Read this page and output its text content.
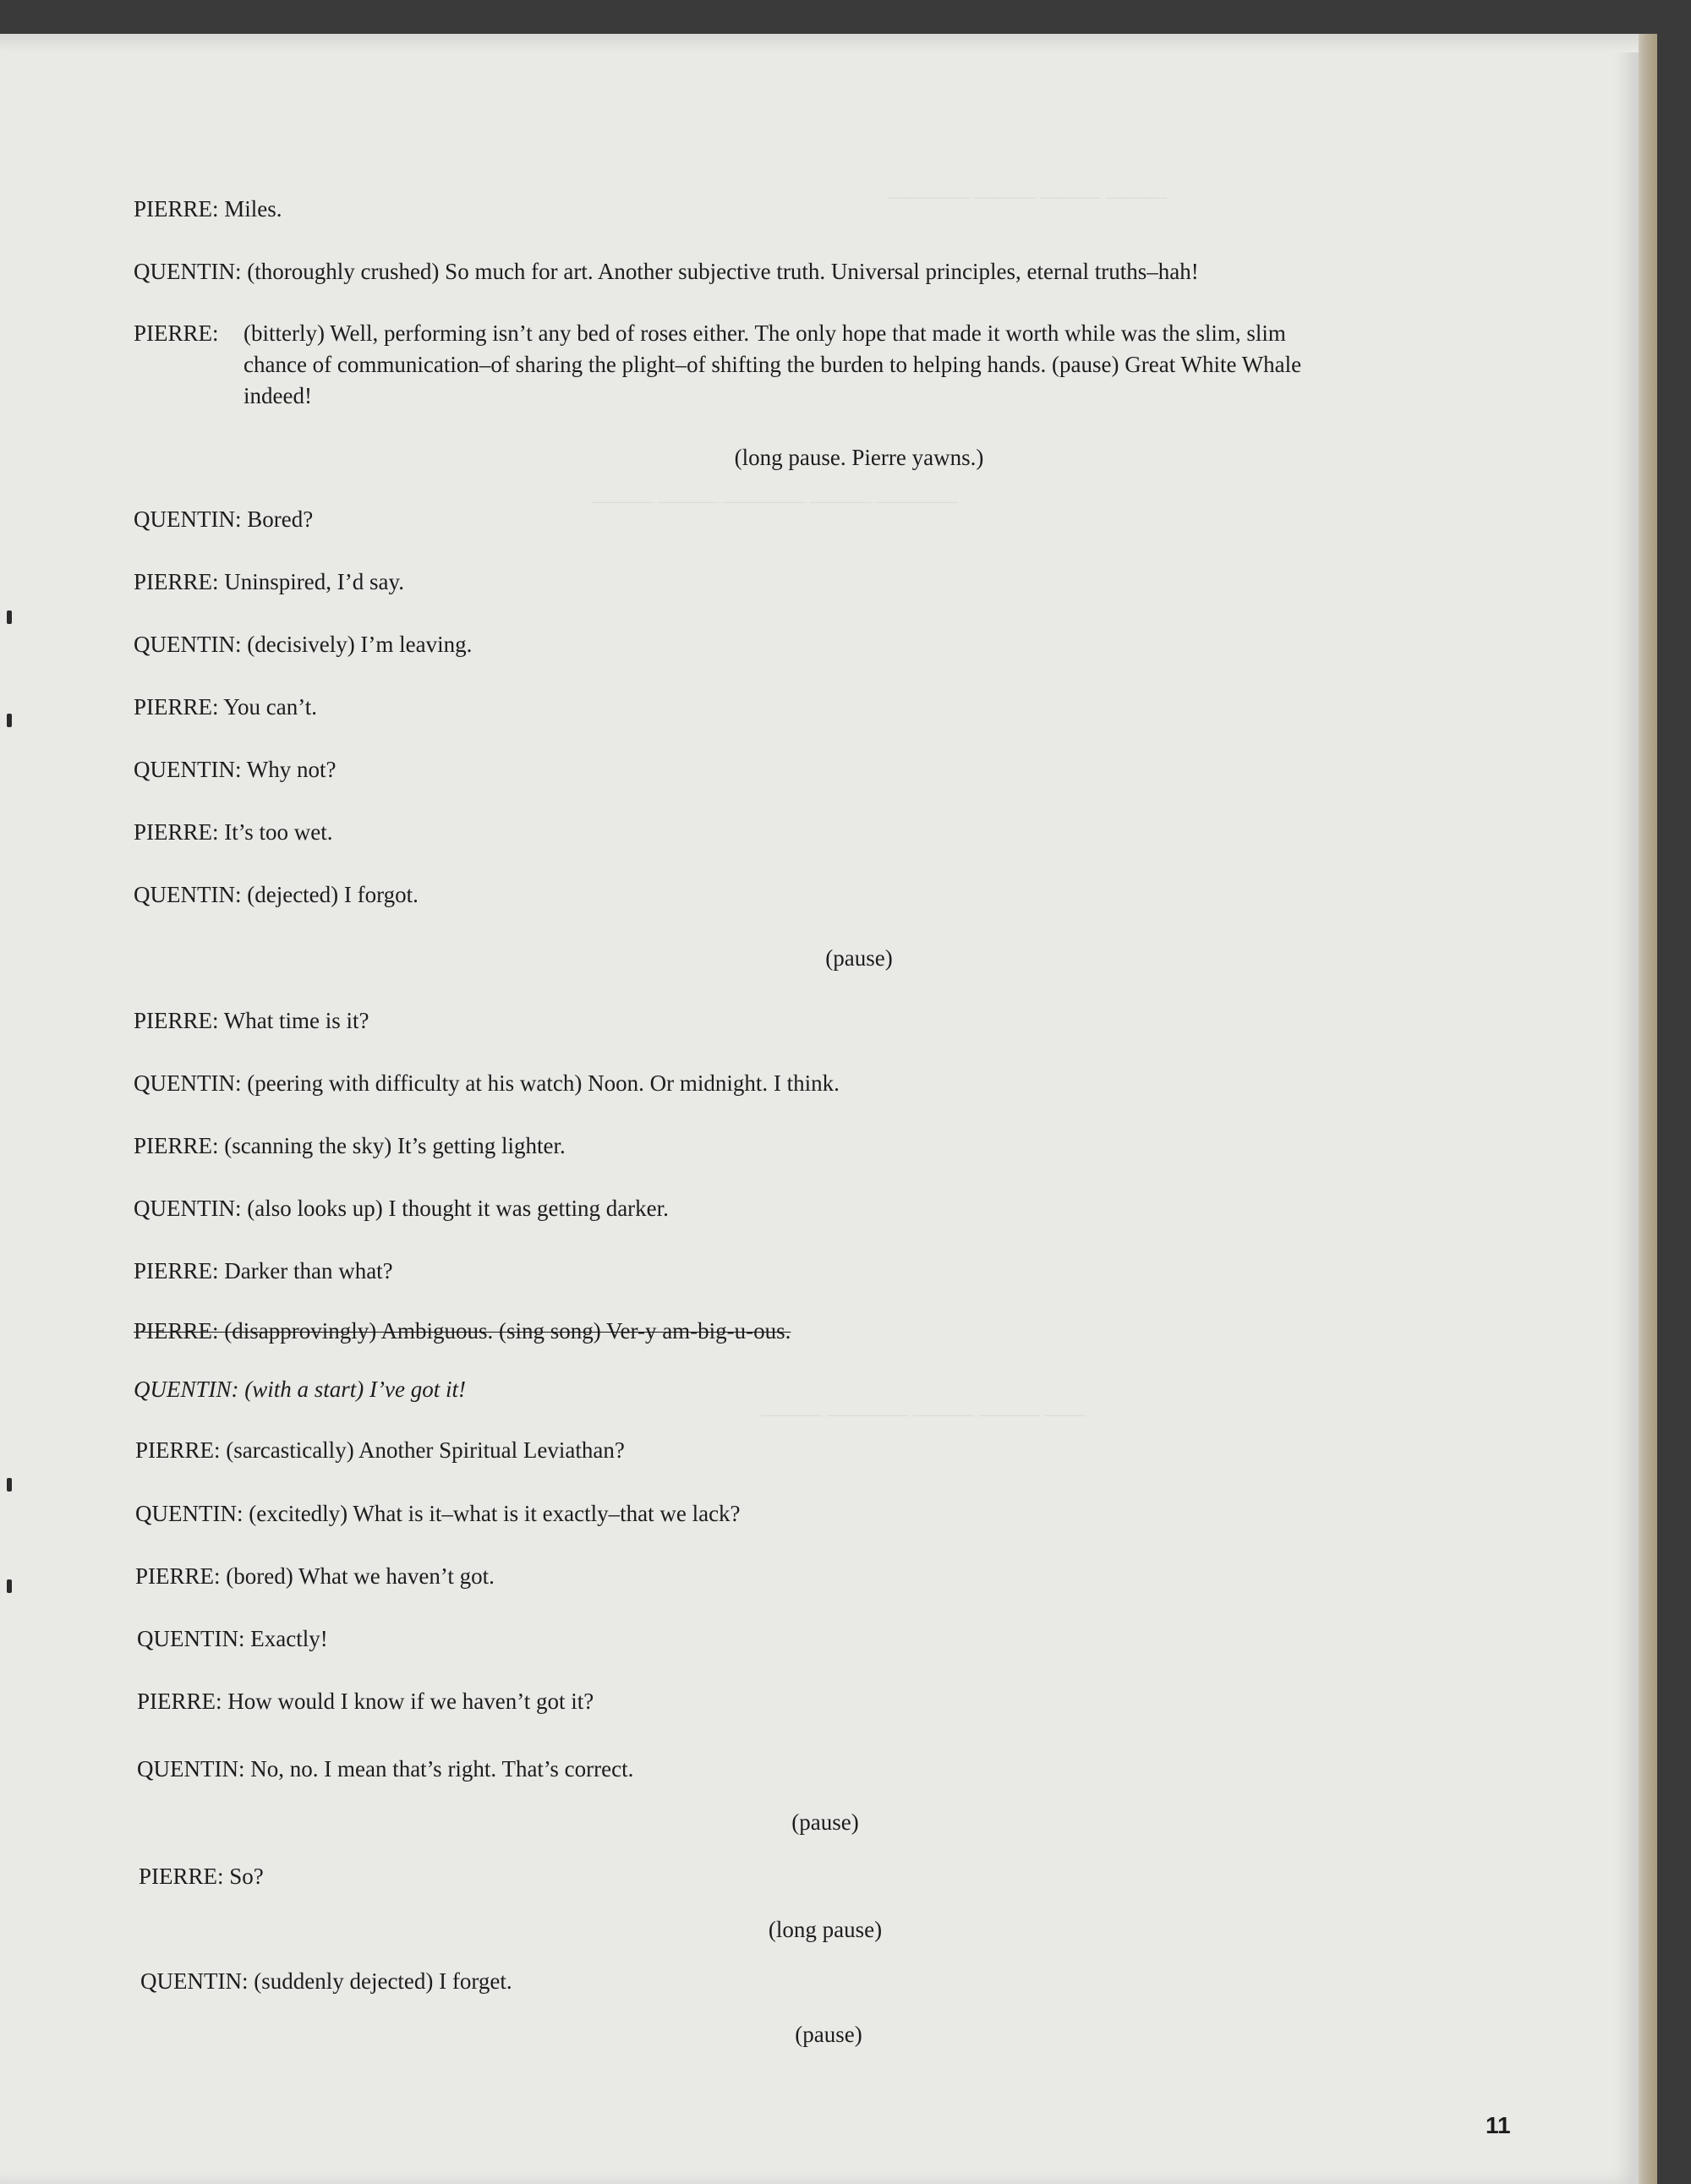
———— ——— ——— ———
——— ——— ———— ——— ————
——— ———— ——— ——— ——
PIERRE: Miles.
QUENTIN: (thoroughly crushed) So much for art. Another subjective truth. Universal principles, eternal truths–hah!
PIERRE: (bitterly) Well, performing isn’t any bed of roses either. The only hope that made it worth while was the slim, slim
chance of communication–of sharing the plight–of shifting the burden to helping hands. (pause) Great White Whale
indeed!
(long pause. Pierre yawns.)
QUENTIN: Bored?
PIERRE: Uninspired, I’d say.
QUENTIN: (decisively) I’m leaving.
PIERRE: You can’t.
QUENTIN: Why not?
PIERRE: It’s too wet.
QUENTIN: (dejected) I forgot.
(pause)
PIERRE: What time is it?
QUENTIN: (peering with difficulty at his watch) Noon. Or midnight. I think.
PIERRE: (scanning the sky) It’s getting lighter.
QUENTIN: (also looks up) I thought it was getting darker.
PIERRE: Darker than what?
PIERRE: (disapprovingly) Ambiguous. (sing song) Ver-y am-big-u-ous.
QUENTIN: (with a start) I’ve got it!
PIERRE: (sarcastically) Another Spiritual Leviathan?
QUENTIN: (excitedly) What is it–what is it exactly–that we lack?
PIERRE: (bored) What we haven’t got.
QUENTIN: Exactly!
PIERRE: How would I know if we haven’t got it?
QUENTIN: No, no. I mean that’s right. That’s correct.
(pause)
PIERRE: So?
(long pause)
QUENTIN: (suddenly dejected) I forget.
(pause)
11
